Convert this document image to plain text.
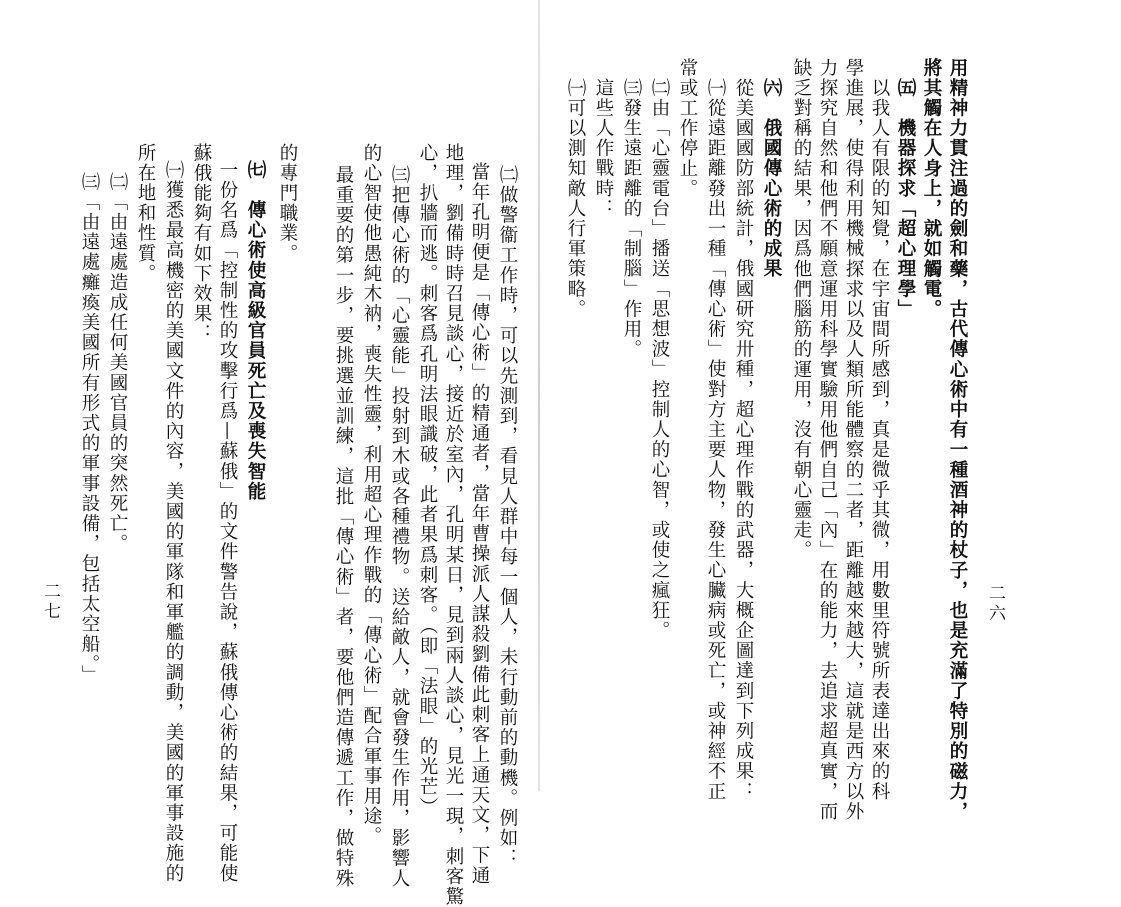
二六
用精神力貫注過的劍和藥，古代傳心術中有一種酒神的杖子，也是充滿了特別的磁力，
將其觸在人身上，就如觸電。
㈤　機器探求「超心理學」
以我人有限的知覺，在宇宙間所感到，真是微乎其微，用數里符號所表達出來的科
學進展，使得利用機械探求以及人類所能體察的二者，距離越來越大，這就是西方以外
力探究自然和他們不願意運用科學實驗用他們自己「內」在的能力，去追求超真實，而
缺乏對稱的結果，因爲他們腦筋的運用，沒有朝心靈走。
㈥　俄國傳心術的成果
從美國國防部統計，俄國研究卅種，超心理作戰的武器，大概企圖達到下列成果：
㈠從遠距離發出一種「傳心術」使對方主要人物，發生心臟病或死亡，或神經不正
常或工作停止。
㈡由「心靈電台」播送「思想波」控制人的心智，或使之瘋狂。
㈢發生遠距離的「制腦」作用。
這些人作戰時：
㈠可以測知敵人行軍策略。
㈡做警衞工作時，可以先測到，看見人群中每一個人，未行動前的動機。例如：
當年孔明便是「傳心術」的精通者，當年曹操派人謀殺劉備此刺客上通天文，下通
地理，劉備時時召見談心，接近於室內，孔明某日，見到兩人談心，見光一現，刺客驚
心，扒牆而逃。刺客爲孔明法眼識破，此者果爲刺客。（即「法眼」的光芒）
㈢把傳心術的「心靈能」投射到木或各種禮物。送給敵人，就會發生作用，影響人
的心智使他愚純木衲，喪失性靈，利用超心理作戰的「傳心術」配合軍事用途。
最重要的第一步，要挑選並訓練，這批「傳心術」者，要他們造傳遞工作，做特殊
的專門職業。
㈦　傳心術使高級官員死亡及喪失智能
一份名爲「控制性的攻擊行爲—蘇俄」的文件警告說，蘇俄傳心術的結果，可能使
蘇俄能夠有如下效果：
㈠獲悉最高機密的美國文件的內容，美國的軍隊和軍艦的調動，美國的軍事設施的
所在地和性質。
㈡「由遠處造成任何美國官員的突然死亡。
㈢「由遠處癱瘓美國所有形式的軍事設備，包括太空船。」
二七
